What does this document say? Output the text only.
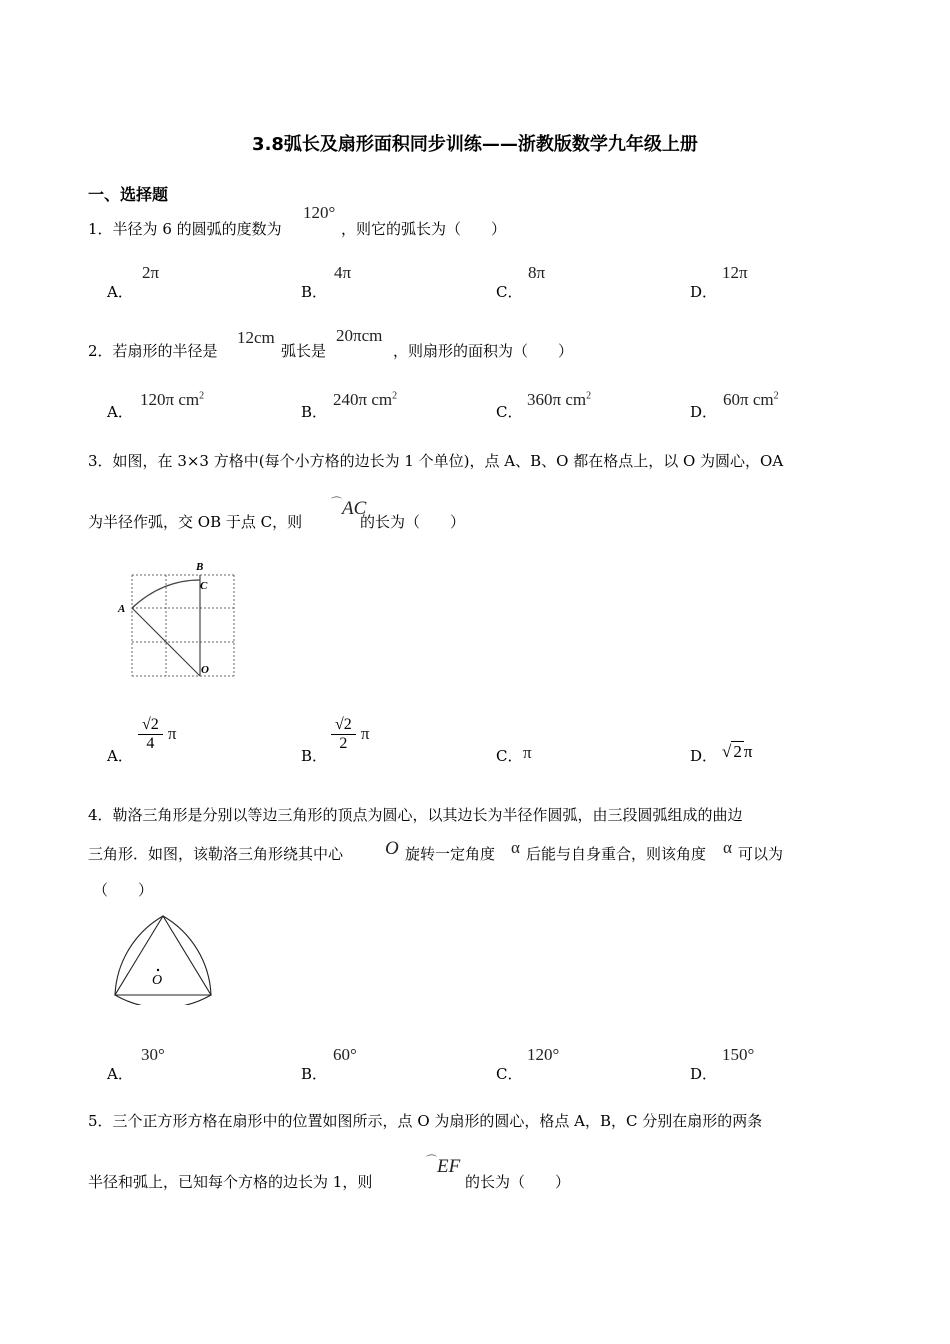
3.8弧长及扇形面积同步训练——浙教版数学九年级上册
一、选择题
1．半径为 6 的圆弧的度数为
120°
，则它的弧长为（　　）
A．
2π
B．
4π
C．
8π
D．
12π
2．若扇形的半径是
12cm
弧长是
20πcm
，则扇形的面积为（　　）
A．
120π $cm^2$
B．
240π $cm^2$
C．
360π $cm^2$
D．
60π $cm^2$
3．如图，在 3×3 方格中(每个小方格的边长为 1 个单位)，点 A、B、O 都在格点上，以 O 为圆心，OA
为半径作弧，交 OB 于点 C，则
⌒AC
的长为（　　）
A
B
C
O
A．
$\frac{√2}{4}$ π
B．
$\frac{√2}{2}$ π
C． π	D． √ 2 π
4．勒洛三角形是分别以等边三角形的顶点为圆心，以其边长为半径作圆弧，由三段圆弧组成的曲边
三角形．如图，该勒洛三角形绕其中心 O 旋转一定角度 α 后能与自身重合，则该角度 α 可以为
（　　）
O
A．
30°
B．
60°
C．
120°
D．
150°
5．三个正方形方格在扇形中的位置如图所示，点 O 为扇形的圆心，格点 A，B，C 分别在扇形的两条
半径和弧上，已知每个方格的边长为 1，则
⌒EF
的长为（　　）
